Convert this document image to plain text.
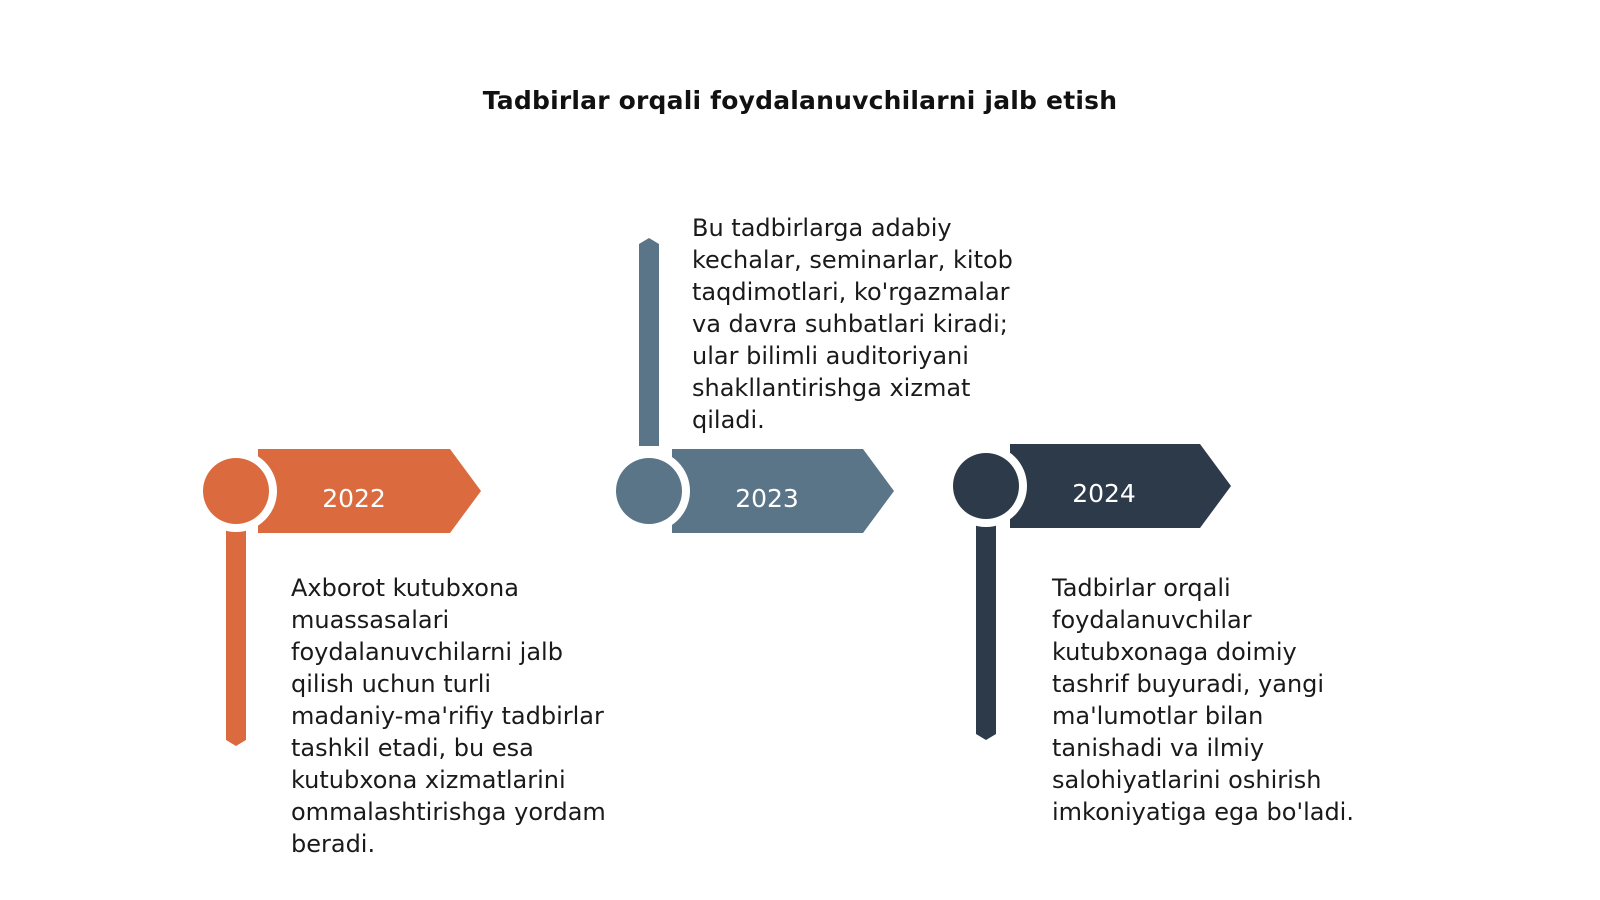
Tadbirlar orqali foydalanuvchilarni jalb etish
2022	2023	2024
Axborot kutubxona
muassasalari
foydalanuvchilarni jalb
qilish uchun turli
madaniy-ma'rifiy tadbirlar
tashkil etadi, bu esa
kutubxona xizmatlarini
ommalashtirishga yordam
beradi.
Bu tadbirlarga adabiy
kechalar, seminarlar, kitob
taqdimotlari, ko'rgazmalar
va davra suhbatlari kiradi;
ular bilimli auditoriyani
shakllantirishga xizmat
qiladi.
Tadbirlar orqali
foydalanuvchilar
kutubxonaga doimiy
tashrif buyuradi, yangi
ma'lumotlar bilan
tanishadi va ilmiy
salohiyatlarini oshirish
imkoniyatiga ega bo'ladi.
